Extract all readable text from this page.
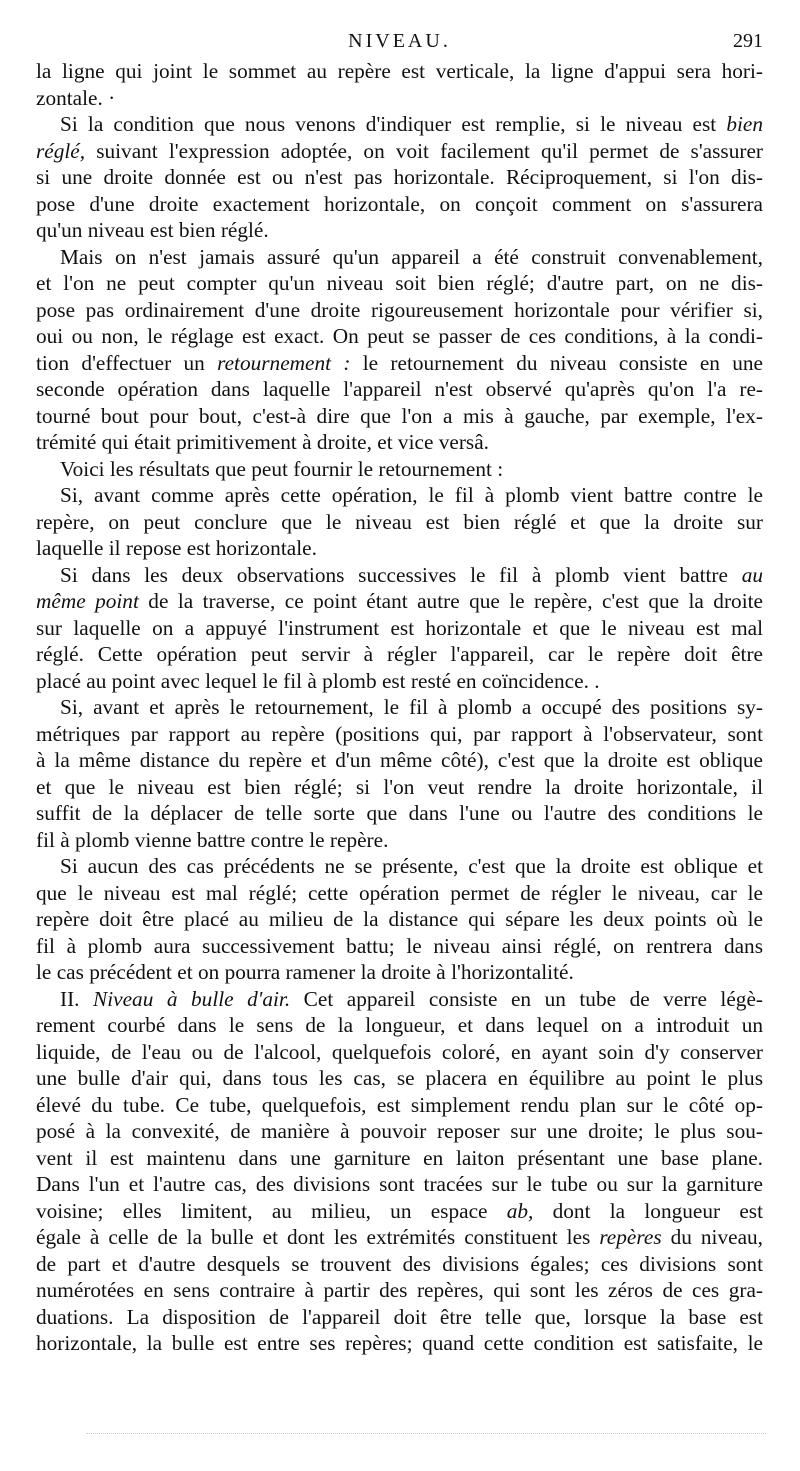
NIVEAU.	291
la ligne qui joint le sommet au repère est verticale, la ligne d'appui sera hori-
zontale. ·
Si la condition que nous venons d'indiquer est remplie, si le niveau est bien
réglé, suivant l'expression adoptée, on voit facilement qu'il permet de s'assurer
si une droite donnée est ou n'est pas horizontale. Réciproquement, si l'on dis-
pose d'une droite exactement horizontale, on conçoit comment on s'assurera
qu'un niveau est bien réglé.
Mais on n'est jamais assuré qu'un appareil a été construit convenablement,
et l'on ne peut compter qu'un niveau soit bien réglé; d'autre part, on ne dis-
pose pas ordinairement d'une droite rigoureusement horizontale pour vérifier si,
oui ou non, le réglage est exact. On peut se passer de ces conditions, à la condi-
tion d'effectuer un retournement : le retournement du niveau consiste en une
seconde opération dans laquelle l'appareil n'est observé qu'après qu'on l'a re-
tourné bout pour bout, c'est-à dire que l'on a mis à gauche, par exemple, l'ex-
trémité qui était primitivement à droite, et vice versâ.
Voici les résultats que peut fournir le retournement :
Si, avant comme après cette opération, le fil à plomb vient battre contre le
repère, on peut conclure que le niveau est bien réglé et que la droite sur
laquelle il repose est horizontale.
Si dans les deux observations successives le fil à plomb vient battre au
même point de la traverse, ce point étant autre que le repère, c'est que la droite
sur laquelle on a appuyé l'instrument est horizontale et que le niveau est mal
réglé. Cette opération peut servir à régler l'appareil, car le repère doit être
placé au point avec lequel le fil à plomb est resté en coïncidence. .
Si, avant et après le retournement, le fil à plomb a occupé des positions sy-
métriques par rapport au repère (positions qui, par rapport à l'observateur, sont
à la même distance du repère et d'un même côté), c'est que la droite est oblique
et que le niveau est bien réglé; si l'on veut rendre la droite horizontale, il
suffit de la déplacer de telle sorte que dans l'une ou l'autre des conditions le
fil à plomb vienne battre contre le repère.
Si aucun des cas précédents ne se présente, c'est que la droite est oblique et
que le niveau est mal réglé; cette opération permet de régler le niveau, car le
repère doit être placé au milieu de la distance qui sépare les deux points où le
fil à plomb aura successivement battu; le niveau ainsi réglé, on rentrera dans
le cas précédent et on pourra ramener la droite à l'horizontalité.
II. Niveau à bulle d'air. Cet appareil consiste en un tube de verre légè-
rement courbé dans le sens de la longueur, et dans lequel on a introduit un
liquide, de l'eau ou de l'alcool, quelquefois coloré, en ayant soin d'y conserver
une bulle d'air qui, dans tous les cas, se placera en équilibre au point le plus
élevé du tube. Ce tube, quelquefois, est simplement rendu plan sur le côté op-
posé à la convexité, de manière à pouvoir reposer sur une droite; le plus sou-
vent il est maintenu dans une garniture en laiton présentant une base plane.
Dans l'un et l'autre cas, des divisions sont tracées sur le tube ou sur la garniture
voisine; elles limitent, au milieu, un espace ab, dont la longueur est
égale à celle de la bulle et dont les extrémités constituent les repères du niveau,
de part et d'autre desquels se trouvent des divisions égales; ces divisions sont
numérotées en sens contraire à partir des repères, qui sont les zéros de ces gra-
duations. La disposition de l'appareil doit être telle que, lorsque la base est
horizontale, la bulle est entre ses repères; quand cette condition est satisfaite, le
